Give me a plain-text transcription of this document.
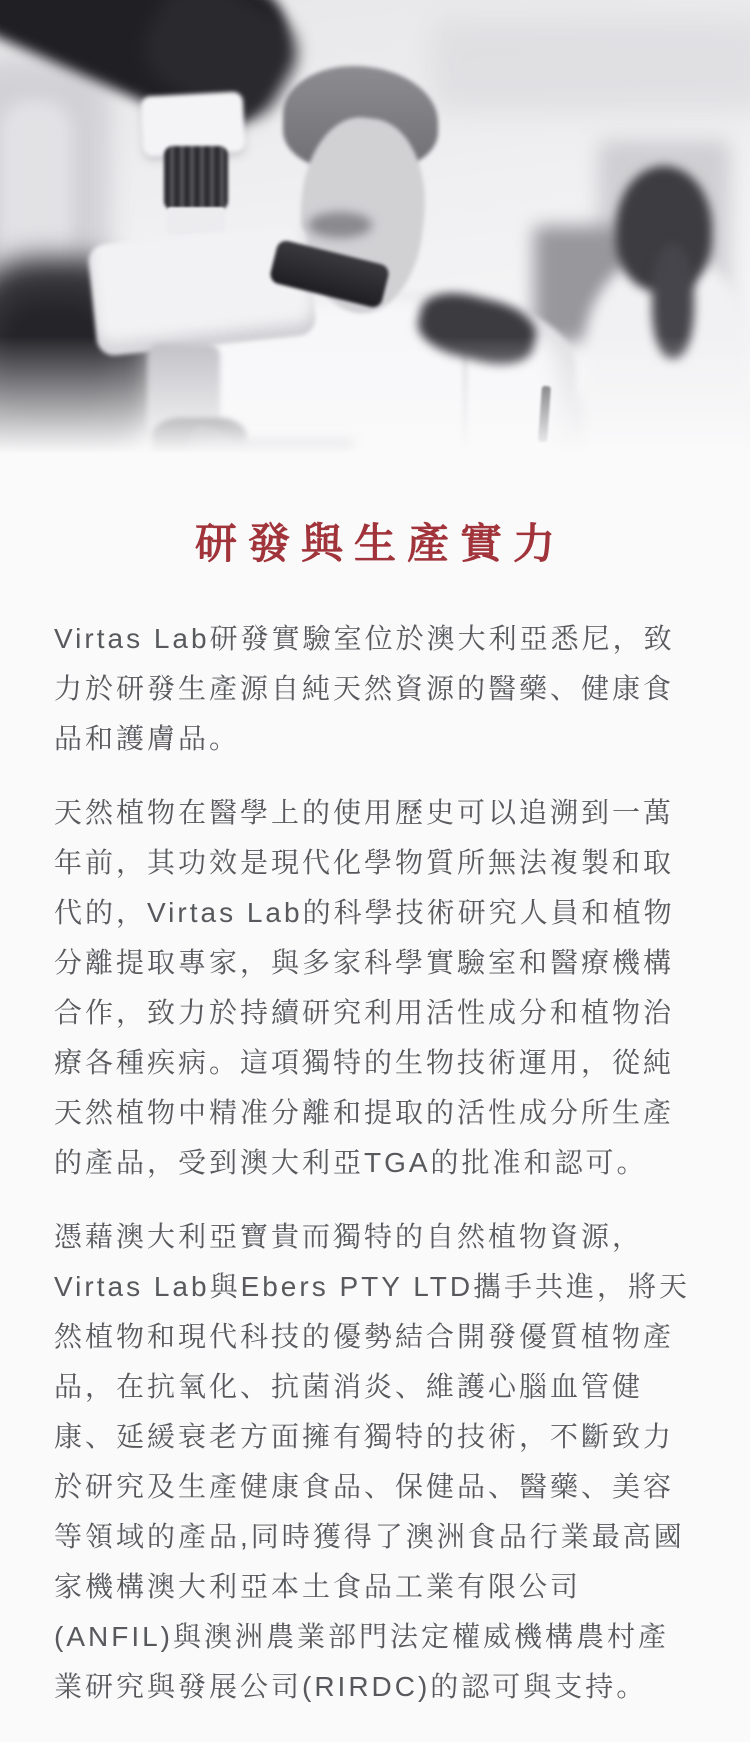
研發與生產實力

Virtas Lab研發實驗室位於澳大利亞悉尼，致力於研發生產源自純天然資源的醫藥、健康食品和護膚品。

天然植物在醫學上的使用歷史可以追溯到一萬年前，其功效是現代化學物質所無法複製和取代的，Virtas Lab的科學技術研究人員和植物分離提取專家，與多家科學實驗室和醫療機構合作，致力於持續研究利用活性成分和植物治療各種疾病。這項獨特的生物技術運用，從純天然植物中精准分離和提取的活性成分所生產的產品，受到澳大利亞TGA的批准和認可。

憑藉澳大利亞寶貴而獨特的自然植物資源，Virtas Lab與Ebers PTY LTD攜手共進，將天然植物和現代科技的優勢結合開發優質植物產品，在抗氧化、抗菌消炎、維護心腦血管健康、延緩衰老方面擁有獨特的技術，不斷致力於研究及生產健康食品、保健品、醫藥、美容等領域的產品,同時獲得了澳洲食品行業最高國家機構澳大利亞本土食品工業有限公司(ANFIL)與澳洲農業部門法定權威機構農村產業研究與發展公司(RIRDC)的認可與支持。
